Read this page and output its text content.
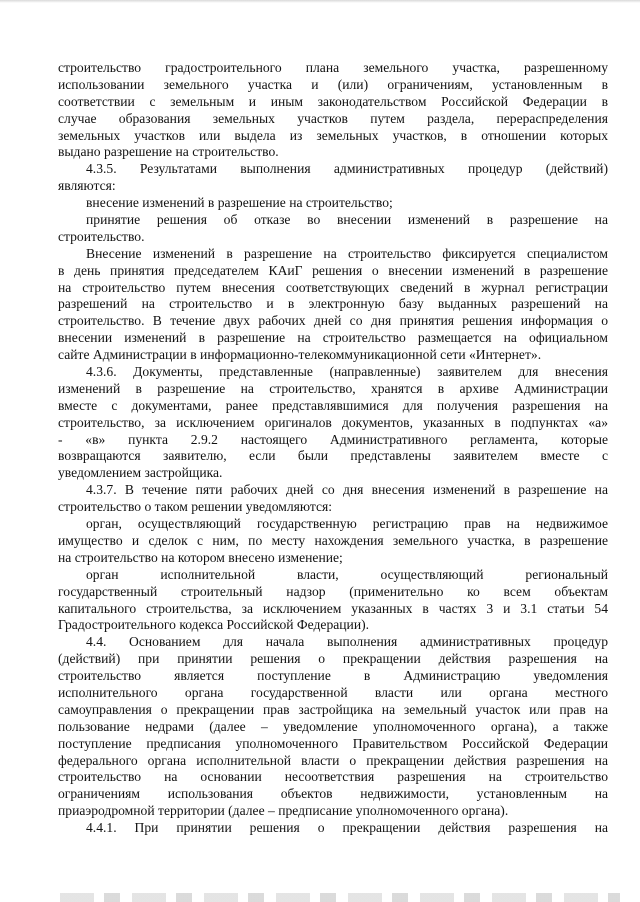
строительство градостроительного плана земельного участка, разрешенному
использовании земельного участка и (или) ограничениям, установленным в
соответствии с земельным и иным законодательством Российской Федерации в
случае образования земельных участков путем раздела, перераспределения
земельных участков или выдела из земельных участков, в отношении которых
выдано разрешение на строительство.
4.3.5. Результатами выполнения административных процедур (действий)
являются:
внесение изменений в разрешение на строительство;
принятие решения об отказе во внесении изменений в разрешение на
строительство.
Внесение изменений в разрешение на строительство фиксируется специалистом
в день принятия председателем КАиГ решения о внесении изменений в разрешение
на строительство путем внесения соответствующих сведений в журнал регистрации
разрешений на строительство и в электронную базу выданных разрешений на
строительство. В течение двух рабочих дней со дня принятия решения информация о
внесении изменений в разрешение на строительство размещается на официальном
сайте Администрации в информационно-телекоммуникационной сети «Интернет».
4.3.6. Документы, представленные (направленные) заявителем для внесения
изменений в разрешение на строительство, хранятся в архиве Администрации
вместе с документами, ранее представлявшимися для получения разрешения на
строительство, за исключением оригиналов документов, указанных в подпунктах «а»
- «в» пункта 2.9.2 настоящего Административного регламента, которые
возвращаются заявителю, если были представлены заявителем вместе с
уведомлением застройщика.
4.3.7. В течение пяти рабочих дней со дня внесения изменений в разрешение на
строительство о таком решении уведомляются:
орган, осуществляющий государственную регистрацию прав на недвижимое
имущество и сделок с ним, по месту нахождения земельного участка, в разрешение
на строительство на котором внесено изменение;
орган исполнительной власти, осуществляющий региональный
государственный строительный надзор (применительно ко всем объектам
капитального строительства, за исключением указанных в частях 3 и 3.1 статьи 54
Градостроительного кодекса Российской Федерации).
4.4. Основанием для начала выполнения административных процедур
(действий) при принятии решения о прекращении действия разрешения на
строительство является поступление в Администрацию уведомления
исполнительного органа государственной власти или органа местного
самоуправления о прекращении прав застройщика на земельный участок или прав на
пользование недрами (далее – уведомление уполномоченного органа), а также
поступление предписания уполномоченного Правительством Российской Федерации
федерального органа исполнительной власти о прекращении действия разрешения на
строительство на основании несоответствия разрешения на строительство
ограничениям использования объектов недвижимости, установленным на
приаэродромной территории (далее – предписание уполномоченного органа).
4.4.1. При принятии решения о прекращении действия разрешения на
